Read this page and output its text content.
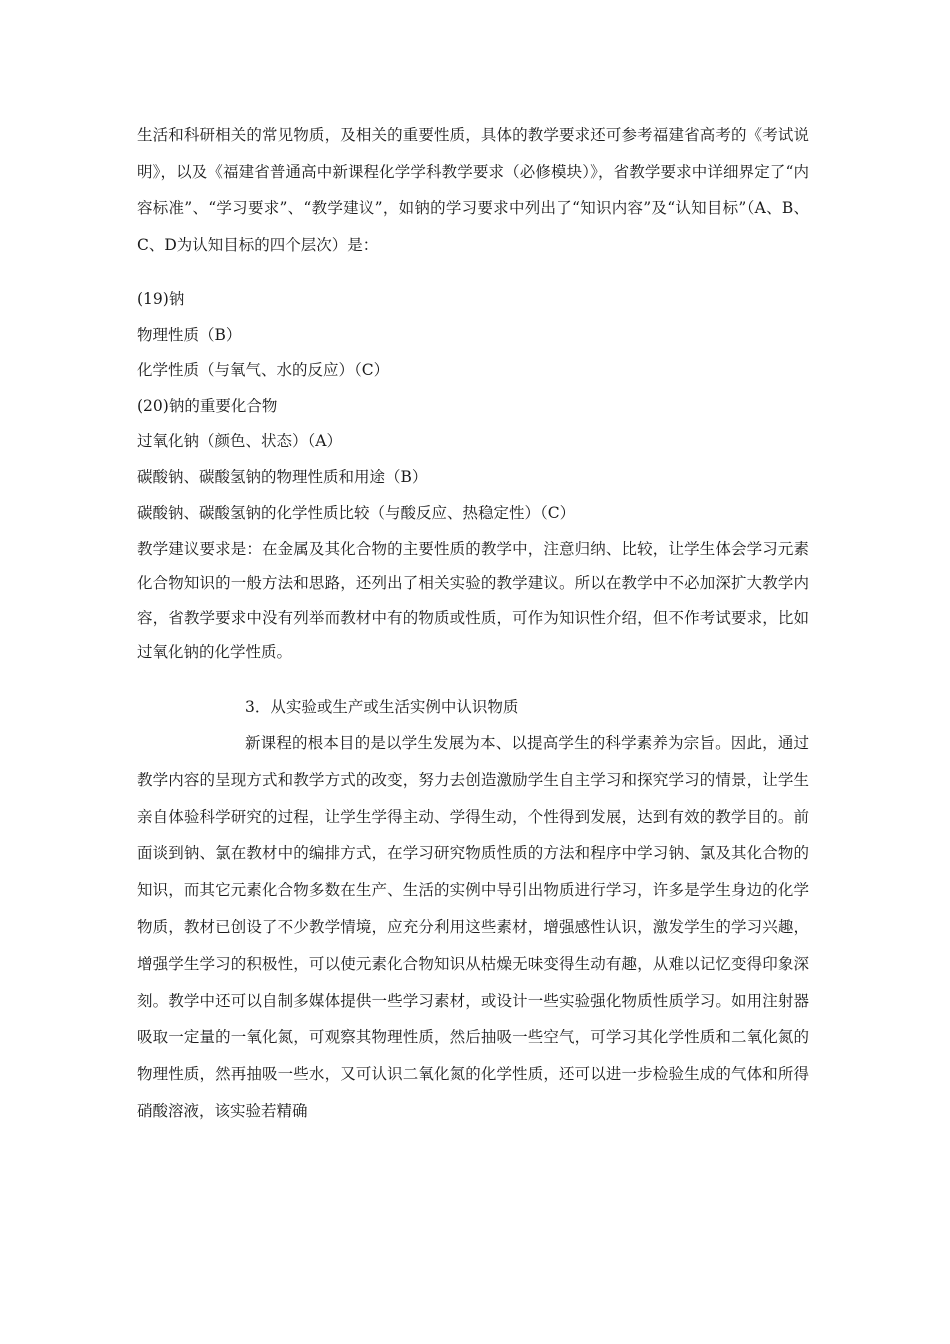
生活和科研相关的常见物质，及相关的重要性质，具体的教学要求还可参考福建省高考的《考试说明》，以及《福建省普通高中新课程化学学科教学要求（必修模块）》，省教学要求中详细界定了“内容标准”、“学习要求”、“教学建议”，如钠的学习要求中列出了“知识内容”及“认知目标”（A、B、C、D为认知目标的四个层次）是：

(19)钠
物理性质（B）
化学性质（与氧气、水的反应）（C）
(20)钠的重要化合物
过氧化钠（颜色、状态）（A）
碳酸钠、碳酸氢钠的物理性质和用途（B）
碳酸钠、碳酸氢钠的化学性质比较（与酸反应、热稳定性）（C）

教学建议要求是：在金属及其化合物的主要性质的教学中，注意归纳、比较，让学生体会学习元素化合物知识的一般方法和思路，还列出了相关实验的教学建议。所以在教学中不必加深扩大教学内容，省教学要求中没有列举而教材中有的物质或性质，可作为知识性介绍，但不作考试要求，比如过氧化钠的化学性质。

3．从实验或生产或生活实例中认识物质

新课程的根本目的是以学生发展为本、以提高学生的科学素养为宗旨。因此，通过教学内容的呈现方式和教学方式的改变，努力去创造激励学生自主学习和探究学习的情景，让学生亲自体验科学研究的过程，让学生学得主动、学得生动，个性得到发展，达到有效的教学目的。前面谈到钠、氯在教材中的编排方式，在学习研究物质性质的方法和程序中学习钠、氯及其化合物的知识，而其它元素化合物多数在生产、生活的实例中导引出物质进行学习，许多是学生身边的化学物质，教材已创设了不少教学情境，应充分利用这些素材，增强感性认识，激发学生的学习兴趣，增强学生学习的积极性，可以使元素化合物知识从枯燥无味变得生动有趣，从难以记忆变得印象深刻。教学中还可以自制多媒体提供一些学习素材，或设计一些实验强化物质性质学习。如用注射器吸取一定量的一氧化氮，可观察其物理性质，然后抽吸一些空气，可学习其化学性质和二氧化氮的物理性质，然再抽吸一些水，又可认识二氧化氮的化学性质，还可以进一步检验生成的气体和所得硝酸溶液，该实验若精确
